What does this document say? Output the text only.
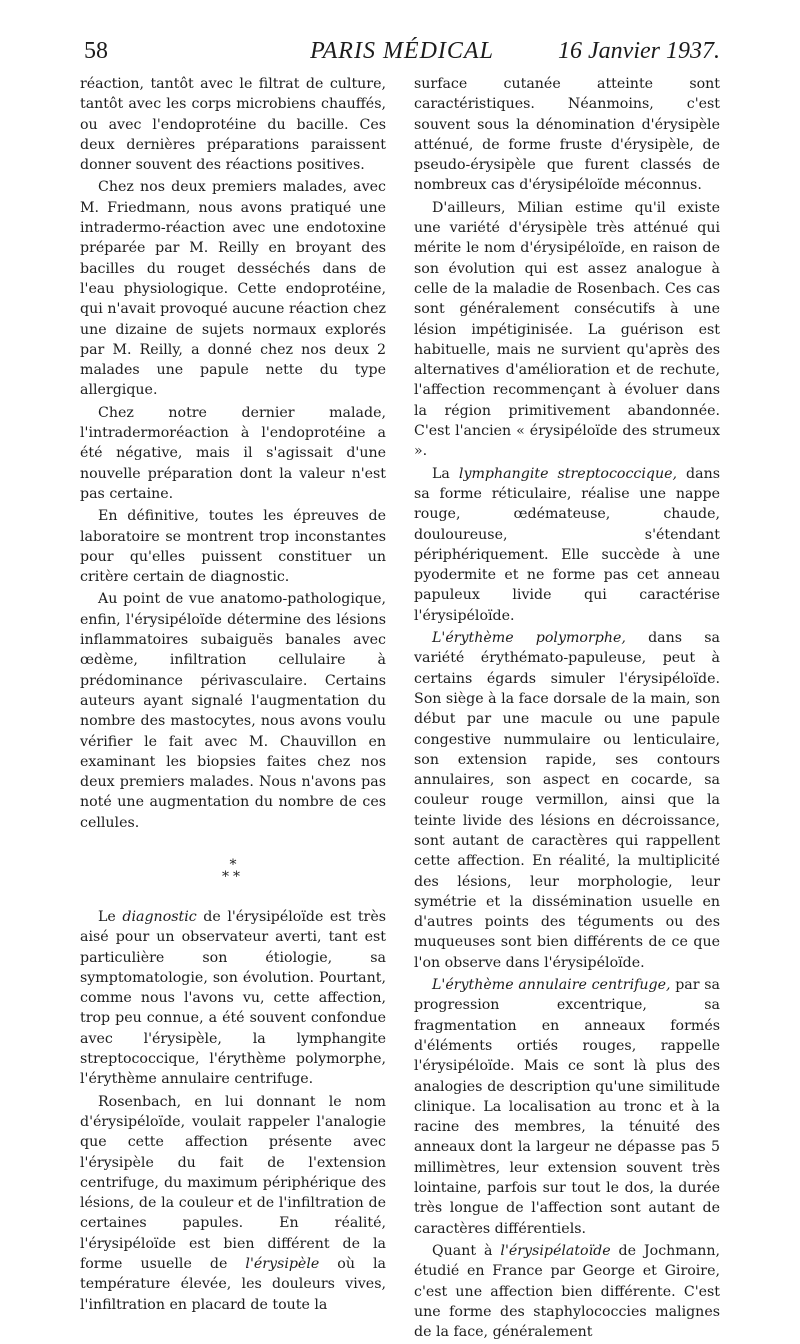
58	PARIS MÉDICAL	16 Janvier 1937.

réaction, tantôt avec le filtrat de culture, tantôt avec les corps microbiens chauffés, ou avec l'endoprotéine du bacille. Ces deux dernières préparations paraissent donner souvent des réactions positives.

Chez nos deux premiers malades, avec M. Friedmann, nous avons pratiqué une intradermo-réaction avec une endotoxine préparée par M. Reilly en broyant des bacilles du rouget desséchés dans de l'eau physiologique. Cette endoprotéine, qui n'avait provoqué aucune réaction chez une dizaine de sujets normaux explorés par M. Reilly, a donné chez nos deux 2 malades une papule nette du type allergique.

Chez notre dernier malade, l'intradermoréaction à l'endoprotéine a été négative, mais il s'agissait d'une nouvelle préparation dont la valeur n'est pas certaine.

En définitive, toutes les épreuves de laboratoire se montrent trop inconstantes pour qu'elles puissent constituer un critère certain de diagnostic.

Au point de vue anatomo-pathologique, enfin, l'érysipéloïde détermine des lésions inflammatoires subaiguës banales avec œdème, infiltration cellulaire à prédominance périvasculaire. Certains auteurs ayant signalé l'augmentation du nombre des mastocytes, nous avons voulu vérifier le fait avec M. Chauvillon en examinant les biopsies faites chez nos deux premiers malades. Nous n'avons pas noté une augmentation du nombre de ces cellules.

*
**

Le diagnostic de l'érysipéloïde est très aisé pour un observateur averti, tant est particulière son étiologie, sa symptomatologie, son évolution. Pourtant, comme nous l'avons vu, cette affection, trop peu connue, a été souvent confondue avec l'érysipèle, la lymphangite streptococcique, l'érythème polymorphe, l'érythème annulaire centrifuge.

Rosenbach, en lui donnant le nom d'érysipéloïde, voulait rappeler l'analogie que cette affection présente avec l'érysipèle du fait de l'extension centrifuge, du maximum périphérique des lésions, de la couleur et de l'infiltration de certaines papules. En réalité, l'érysipéloïde est bien différent de la forme usuelle de l'érysipèle où la température élevée, les douleurs vives, l'infiltration en placard de toute la

surface cutanée atteinte sont caractéristiques. Néanmoins, c'est souvent sous la dénomination d'érysipèle atténué, de forme fruste d'érysipèle, de pseudo-érysipèle que furent classés de nombreux cas d'érysipéloïde méconnus.

D'ailleurs, Milian estime qu'il existe une variété d'érysipèle très atténué qui mérite le nom d'érysipéloïde, en raison de son évolution qui est assez analogue à celle de la maladie de Rosenbach. Ces cas sont généralement consécutifs à une lésion impétiginisée. La guérison est habituelle, mais ne survient qu'après des alternatives d'amélioration et de rechute, l'affection recommençant à évoluer dans la région primitivement abandonnée. C'est l'ancien « érysipéloïde des strumeux ».

La lymphangite streptococcique, dans sa forme réticulaire, réalise une nappe rouge, œdémateuse, chaude, douloureuse, s'étendant périphériquement. Elle succède à une pyodermite et ne forme pas cet anneau papuleux livide qui caractérise l'érysipéloïde.

L'érythème polymorphe, dans sa variété érythémato-papuleuse, peut à certains égards simuler l'érysipéloïde. Son siège à la face dorsale de la main, son début par une macule ou une papule congestive nummulaire ou lenticulaire, son extension rapide, ses contours annulaires, son aspect en cocarde, sa couleur rouge vermillon, ainsi que la teinte livide des lésions en décroissance, sont autant de caractères qui rappellent cette affection. En réalité, la multiplicité des lésions, leur morphologie, leur symétrie et la dissémination usuelle en d'autres points des téguments ou des muqueuses sont bien différents de ce que l'on observe dans l'érysipéloïde.

L'érythème annulaire centrifuge, par sa progression excentrique, sa fragmentation en anneaux formés d'éléments ortiés rouges, rappelle l'érysipéloïde. Mais ce sont là plus des analogies de description qu'une similitude clinique. La localisation au tronc et à la racine des membres, la ténuité des anneaux dont la largeur ne dépasse pas 5 millimètres, leur extension souvent très lointaine, parfois sur tout le dos, la durée très longue de l'affection sont autant de caractères différentiels.

Quant à l'érysipélatoïde de Jochmann, étudié en France par George et Giroire, c'est une affection bien différente. C'est une forme des staphylococcies malignes de la face, généralement
